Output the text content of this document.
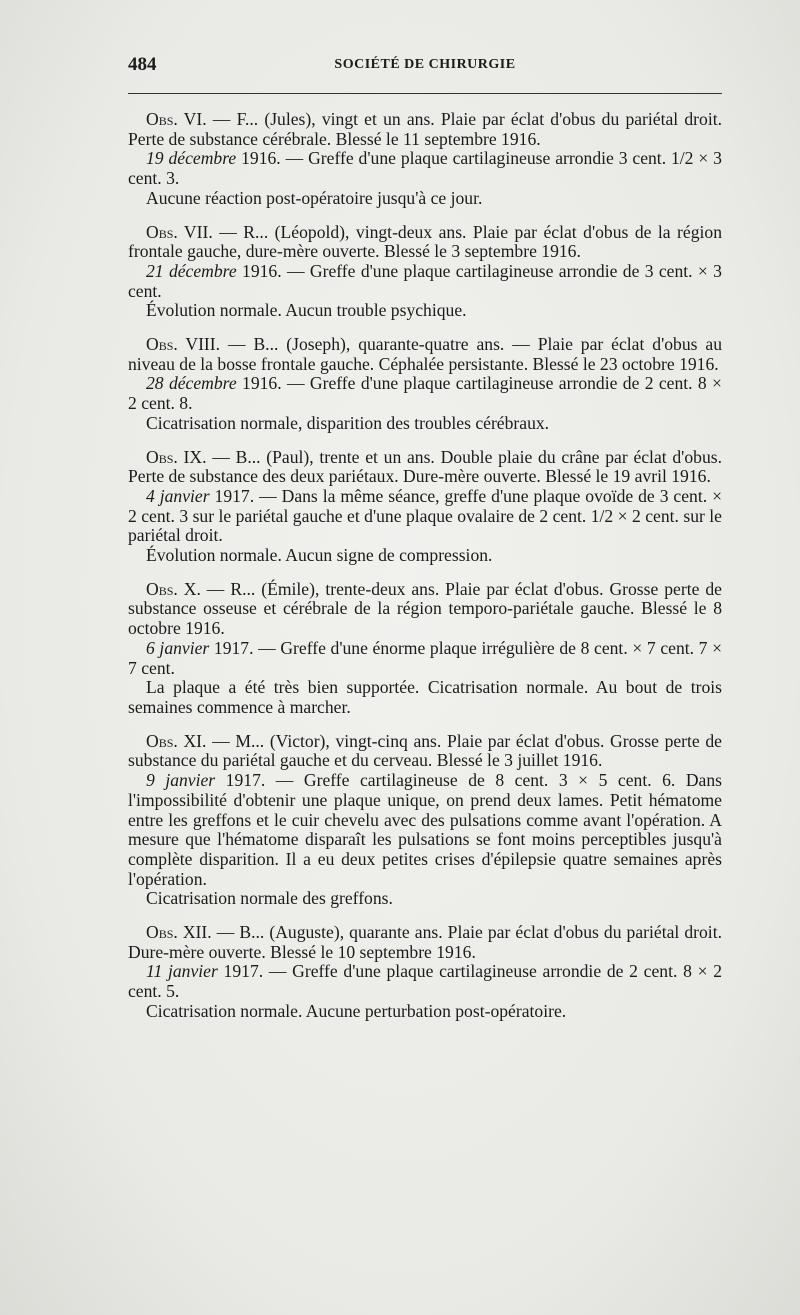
484	SOCIÉTÉ DE CHIRURGIE

Obs. VI. — F... (Jules), vingt et un ans. Plaie par éclat d'obus du pariétal droit. Perte de substance cérébrale. Blessé le 11 septembre 1916.

19 décembre 1916. — Greffe d'une plaque cartilagineuse arrondie 3 cent. 1/2 × 3 cent. 3.

Aucune réaction post-opératoire jusqu'à ce jour.

Obs. VII. — R... (Léopold), vingt-deux ans. Plaie par éclat d'obus de la région frontale gauche, dure-mère ouverte. Blessé le 3 septembre 1916.

21 décembre 1916. — Greffe d'une plaque cartilagineuse arrondie de 3 cent. × 3 cent.

Évolution normale. Aucun trouble psychique.

Obs. VIII. — B... (Joseph), quarante-quatre ans. — Plaie par éclat d'obus au niveau de la bosse frontale gauche. Céphalée persistante. Blessé le 23 octobre 1916.

28 décembre 1916. — Greffe d'une plaque cartilagineuse arrondie de 2 cent. 8 × 2 cent. 8.

Cicatrisation normale, disparition des troubles cérébraux.

Obs. IX. — B... (Paul), trente et un ans. Double plaie du crâne par éclat d'obus. Perte de substance des deux pariétaux. Dure-mère ouverte. Blessé le 19 avril 1916.

4 janvier 1917. — Dans la même séance, greffe d'une plaque ovoïde de 3 cent. × 2 cent. 3 sur le pariétal gauche et d'une plaque ovalaire de 2 cent. 1/2 × 2 cent. sur le pariétal droit.

Évolution normale. Aucun signe de compression.

Obs. X. — R... (Émile), trente-deux ans. Plaie par éclat d'obus. Grosse perte de substance osseuse et cérébrale de la région temporo-pariétale gauche. Blessé le 8 octobre 1916.

6 janvier 1917. — Greffe d'une énorme plaque irrégulière de 8 cent. × 7 cent. 7 × 7 cent.

La plaque a été très bien supportée. Cicatrisation normale. Au bout de trois semaines commence à marcher.

Obs. XI. — M... (Victor), vingt-cinq ans. Plaie par éclat d'obus. Grosse perte de substance du pariétal gauche et du cerveau. Blessé le 3 juillet 1916.

9 janvier 1917. — Greffe cartilagineuse de 8 cent. 3 × 5 cent. 6. Dans l'impossibilité d'obtenir une plaque unique, on prend deux lames. Petit hématome entre les greffons et le cuir chevelu avec des pulsations comme avant l'opération. A mesure que l'hématome disparaît les pulsations se font moins perceptibles jusqu'à complète disparition. Il a eu deux petites crises d'épilepsie quatre semaines après l'opération.

Cicatrisation normale des greffons.

Obs. XII. — B... (Auguste), quarante ans. Plaie par éclat d'obus du pariétal droit. Dure-mère ouverte. Blessé le 10 septembre 1916.

11 janvier 1917. — Greffe d'une plaque cartilagineuse arrondie de 2 cent. 8 × 2 cent. 5.

Cicatrisation normale. Aucune perturbation post-opératoire.
